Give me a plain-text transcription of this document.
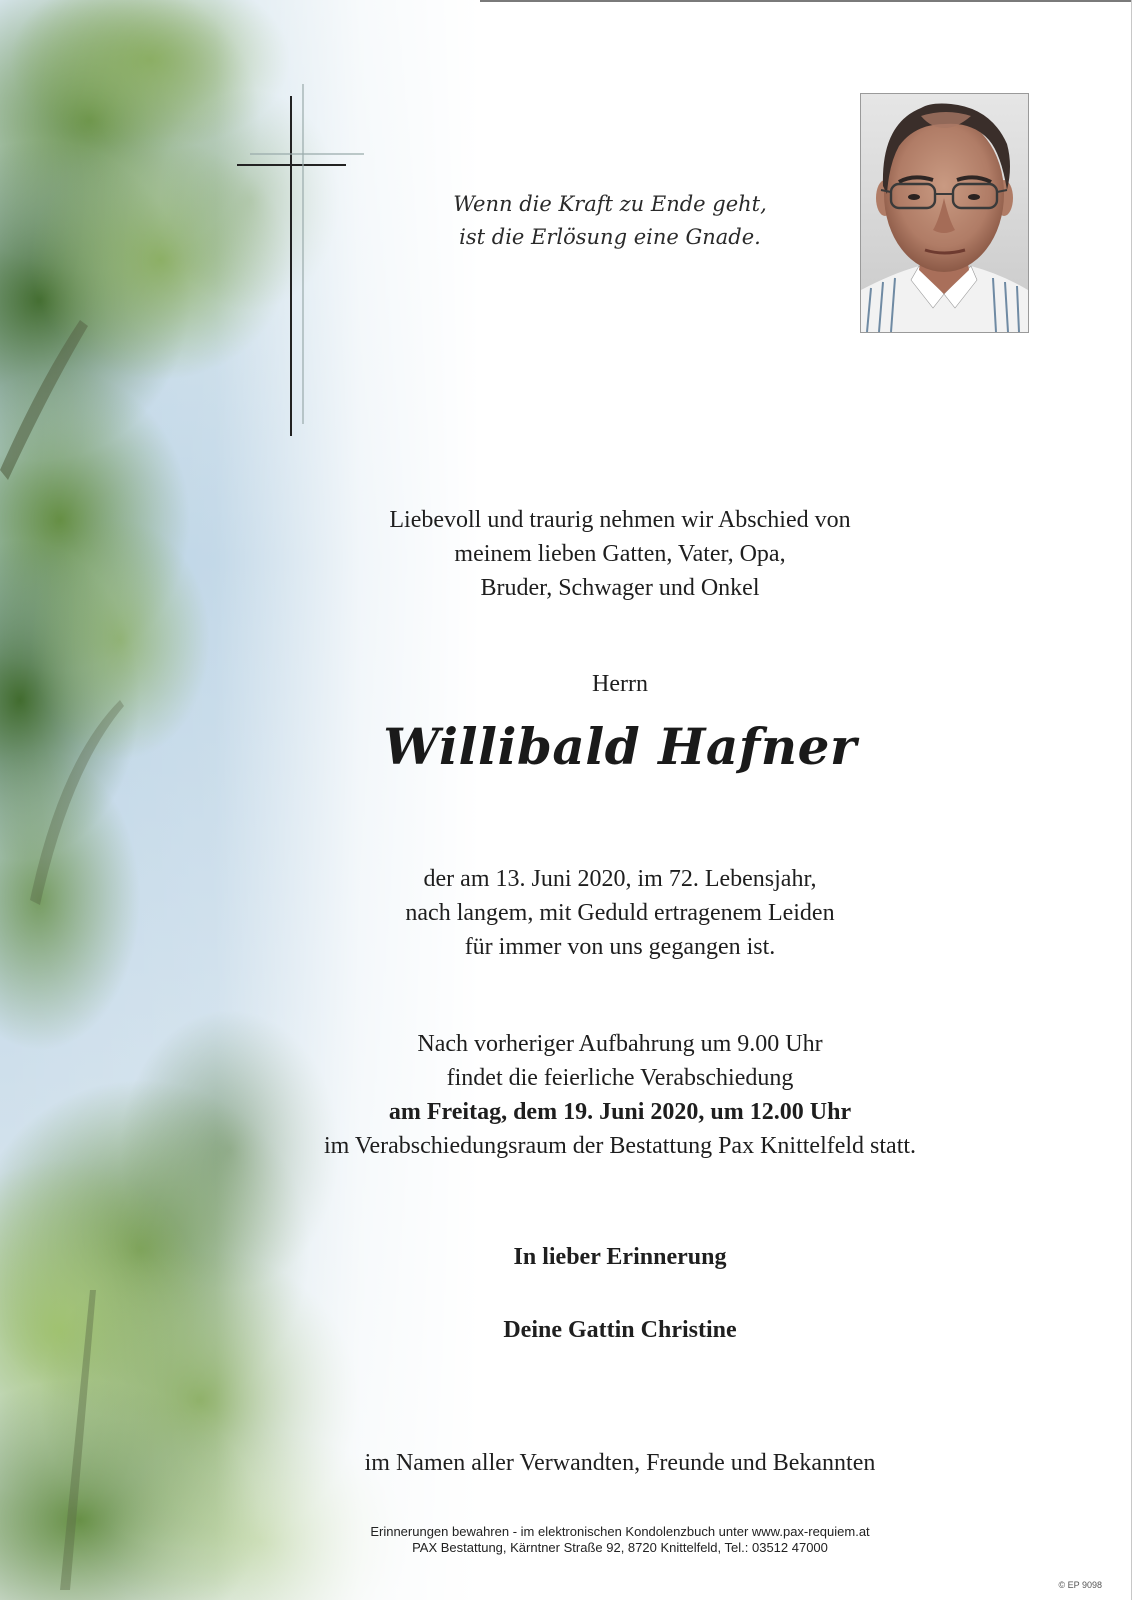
Wenn die Kraft zu Ende geht,
ist die Erlösung eine Gnade.
Liebevoll und traurig nehmen wir Abschied von
meinem lieben Gatten, Vater, Opa,
Bruder, Schwager und Onkel
Herrn
Willibald Hafner
der am 13. Juni 2020, im 72. Lebensjahr,
nach langem, mit Geduld ertragenem Leiden
für immer von uns gegangen ist.
Nach vorheriger Aufbahrung um 9.00 Uhr
findet die feierliche Verabschiedung
am Freitag, dem 19. Juni 2020, um 12.00 Uhr
im Verabschiedungsraum der Bestattung Pax Knittelfeld statt.
In lieber Erinnerung
Deine Gattin Christine
im Namen aller Verwandten, Freunde und Bekannten
Erinnerungen bewahren - im elektronischen Kondolenzbuch unter www.pax-requiem.at
PAX Bestattung, Kärntner Straße 92, 8720 Knittelfeld, Tel.: 03512 47000
© EP 9098
